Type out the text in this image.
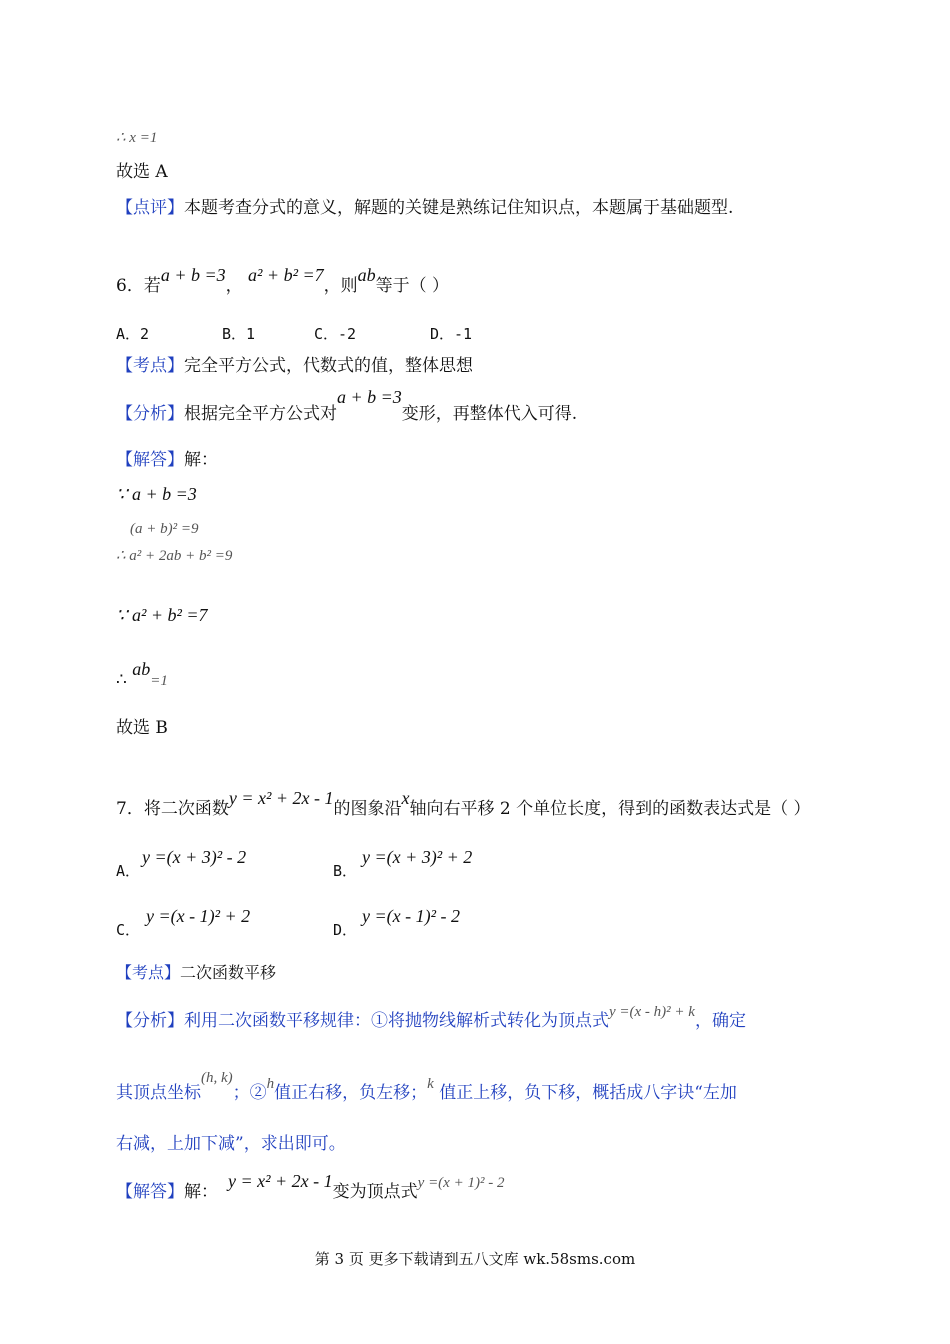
∴ x =1
故选 A
【点评】本题考查分式的意义，解题的关键是熟练记住知识点，本题属于基础题型.
6．若a + b =3， a² + b² =7，则ab等于（ ）
A．2	B．1	C．-2	D．-1
【考点】完全平方公式，代数式的值，整体思想
【分析】根据完全平方公式对a + b =3变形，再整体代入可得.
【解答】解：
∵ a + b =3
(a + b)² =9
∴ a² + 2ab + b² =9
∵ a² + b² =7
∴ ab=1
故选 B
7．将二次函数y = x² + 2x - 1的图象沿x轴向右平移 2 个单位长度，得到的函数表达式是（ ）
A．
y =(x + 3)² - 2
B．
y =(x + 3)² + 2
C．
y =(x - 1)² + 2
D．
y =(x - 1)² - 2
【考点】二次函数平移
【分析】利用二次函数平移规律：①将抛物线解析式转化为顶点式y =(x - h)² + k，确定
其顶点坐标(h, k)；②h值正右移，负左移；k 值正上移，负下移，概括成八字诀“左加
右减，上加下减”，求出即可。
【解答】解：y = x² + 2x - 1变为顶点式y =(x + 1)² - 2
第 3 页 更多下载请到五八文库 wk.58sms.com
